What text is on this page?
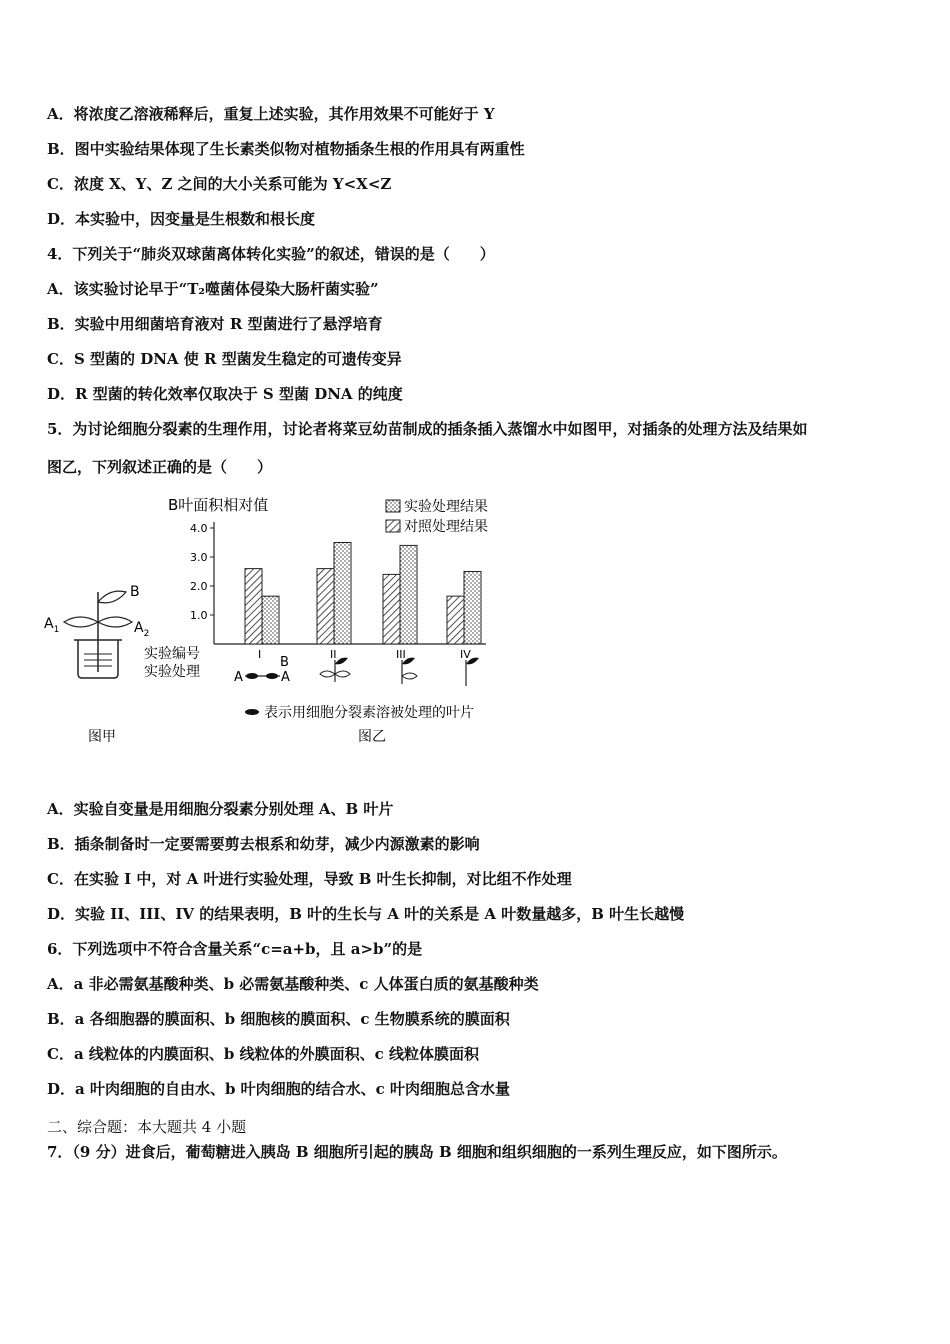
A．将浓度乙溶液稀释后，重复上述实验，其作用效果不可能好于 Y
B．图中实验结果体现了生长素类似物对植物插条生根的作用具有两重性
C．浓度 X、Y、Z 之间的大小关系可能为 Y<X<Z
D．本实验中，因变量是生根数和根长度
4．下列关于“肺炎双球菌离体转化实验”的叙述，错误的是（　　）
A．该实验讨论早于“T₂噬菌体侵染大肠杆菌实验”
B．实验中用细菌培育液对 R 型菌进行了悬浮培育
C．S 型菌的 DNA 使 R 型菌发生稳定的可遗传变异
D．R 型菌的转化效率仅取决于 S 型菌 DNA 的纯度
5．为讨论细胞分裂素的生理作用，讨论者将菜豆幼苗制成的插条插入蒸馏水中如图甲，对插条的处理方法及结果如
图乙，下列叙述正确的是（　　）
B
$A_1$	$A_2$
图甲
B叶面积相对值
1.0
2.0
3.0
4.0
I	II	III	IV
实验处理结果
对照处理结果
实验编号
实验处理	A	A
B
表示用细胞分裂素溶被处理的叶片
图乙
A．实验自变量是用细胞分裂素分别处理 A、B 叶片
B．插条制备时一定要需要剪去根系和幼芽，减少内源激素的影响
C．在实验 I 中，对 A 叶进行实验处理，导致 B 叶生长抑制，对比组不作处理
D．实验 II、III、IV 的结果表明，B 叶的生长与 A 叶的关系是 A 叶数量越多，B 叶生长越慢
6．下列选项中不符合含量关系“c=a+b，且 a>b”的是
A．a 非必需氨基酸种类、b 必需氨基酸种类、c 人体蛋白质的氨基酸种类
B．a 各细胞器的膜面积、b 细胞核的膜面积、c 生物膜系统的膜面积
C．a 线粒体的内膜面积、b 线粒体的外膜面积、c 线粒体膜面积
D．a 叶肉细胞的自由水、b 叶肉细胞的结合水、c 叶肉细胞总含水量
二、综合题：本大题共 4 小题
7．（9 分）进食后，葡萄糖进入胰岛 B 细胞所引起的胰岛 B 细胞和组织细胞的一系列生理反应，如下图所示。
